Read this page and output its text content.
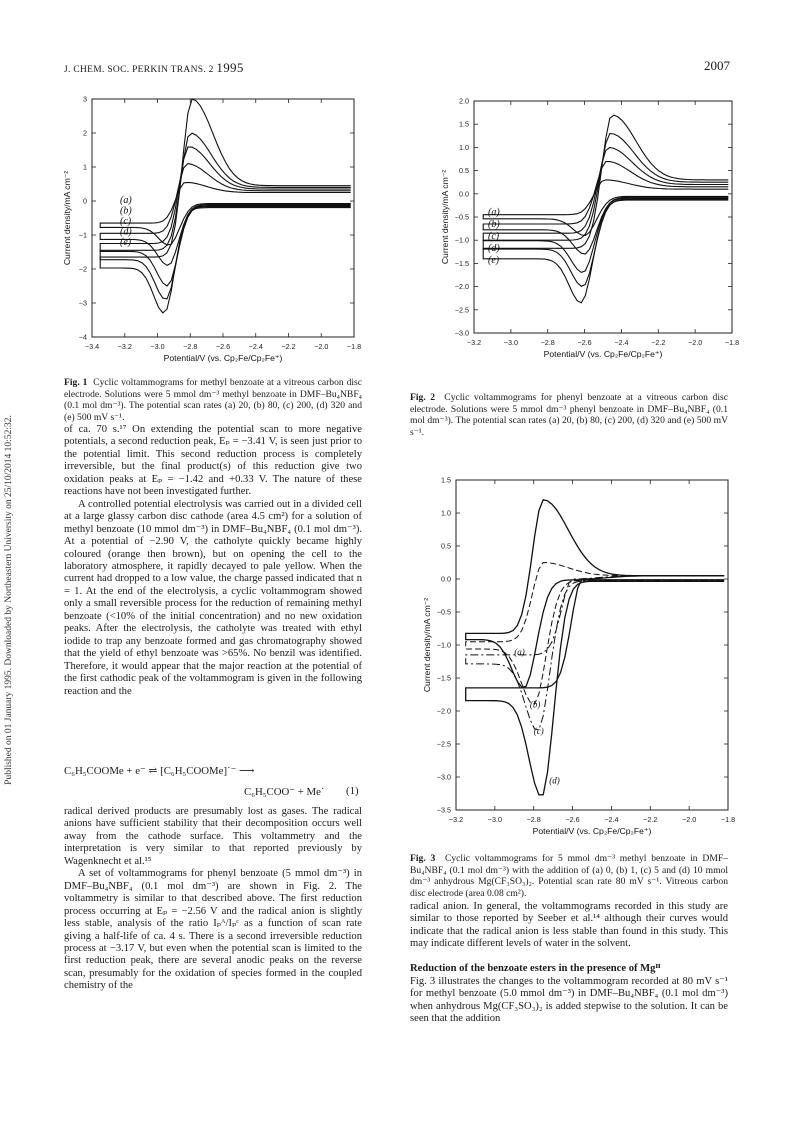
J. CHEM. SOC. PERKIN TRANS. 2 1995	2007
Published on 01 January 1995. Downloaded by Northeastern University on 25/10/2014 10:52:32.
−3.4	−3.2	−3.0	−2.8	−2.6	−2.4	−2.2	−2.0	−1.8
3
2
1
0
−1
−2
−3
−4
Potential/V (vs. Cp₂Fe/Cp₂Fe⁺)
Current density/mA cm⁻²	(a)
(b)
(c)
(d)
(e)
Fig. 1 Cyclic voltammograms for methyl benzoate at a vitreous carbon disc electrode. Solutions were 5 mmol dm⁻³ methyl benzoate in DMF–Bu₄NBF₄ (0.1 mol dm⁻³). The potential scan rates (a) 20, (b) 80, (c) 200, (d) 320 and (e) 500 mV s⁻¹.
−3.2	−3.0	−2.8	−2.6	−2.4	−2.2	−2.0	−1.8
2.0
1.5
1.0
0.5
0.0
−0.5
−1.0
−1.5
−2.0
−2.5
−3.0
Potential/V (vs. Cp₂Fe/Cp₂Fe⁺)
Current density/mA cm⁻²	(a)
(b)
(c)
(d)
(e)
Fig. 2 Cyclic voltammograms for phenyl benzoate at a vitreous carbon disc electrode. Solutions were 5 mmol dm⁻³ phenyl benzoate in DMF–Bu₄NBF₄ (0.1 mol dm⁻³). The potential scan rates (a) 20, (b) 80, (c) 200, (d) 320 and (e) 500 mV s⁻¹.
−3.2	−3.0	−2.8	−2.6	−2.4	−2.2	−2.0	−1.8
1.5
1.0
0.5
0.0
−0.5
−1.0
−1.5
−2.0
−2.5
−3.0
−3.5
Potential/V (vs. Cp₂Fe/Cp₂Fe⁺)
Current density/mA cm⁻²	(a)
(b)
(c)
(d)
Fig. 3 Cyclic voltammograms for 5 mmol dm⁻³ methyl benzoate in DMF–Bu₄NBF₄ (0.1 mol dm⁻³) with the addition of (a) 0, (b) 1, (c) 5 and (d) 10 mmol dm⁻³ anhydrous Mg(CF₃SO₃)₂. Potential scan rate 80 mV s⁻¹. Vitreous carbon disc electrode (area 0.08 cm²).

of ca. 70 s.¹⁷ On extending the potential scan to more negative potentials, a second reduction peak, Eₚ = −3.41 V, is seen just prior to the potential limit. This second reduction process is completely irreversible, but the final product(s) of this reduction give two oxidation peaks at Eₚ = −1.42 and +0.33 V. The nature of these reactions have not been investigated further.

A controlled potential electrolysis was carried out in a divided cell at a large glassy carbon disc cathode (area 4.5 cm²) for a solution of methyl benzoate (10 mmol dm⁻³) in DMF–Bu₄NBF₄ (0.1 mol dm⁻³). At a potential of −2.90 V, the catholyte quickly became highly coloured (orange then brown), but on opening the cell to the laboratory atmosphere, it rapidly decayed to pale yellow. When the current had dropped to a low value, the charge passed indicated that n = 1. At the end of the electrolysis, a cyclic voltammogram showed only a small reversible process for the reduction of remaining methyl benzoate (<10% of the initial concentration) and no new oxidation peaks. After the electrolysis, the catholyte was treated with ethyl iodide to trap any benzoate formed and gas chromatography showed that the yield of ethyl benzoate was >65%. No benzil was identified. Therefore, it would appear that the major reaction at the potential of the first cathodic peak of the voltammogram is given in the following reaction and the

C₆H₅COOMe + e⁻ ⇌ [C₆H₅COOMe]˙⁻ ⟶
C₆H₅COO⁻ + Me˙ (1)

radical derived products are presumably lost as gases. The radical anions have sufficient stability that their decomposition occurs well away from the cathode surface. This voltammetry and the interpretation is very similar to that reported previously by Wagenknecht et al.¹⁵

A set of voltammograms for phenyl benzoate (5 mmol dm⁻³) in DMF–Bu₄NBF₄ (0.1 mol dm⁻³) are shown in Fig. 2. The voltammetry is similar to that described above. The first reduction process occurring at Eₚ = −2.56 V and the radical anion is slightly less stable, analysis of the ratio Iₚᴬ/Iₚᶜ as a function of scan rate giving a half-life of ca. 4 s. There is a second irreversible reduction process at −3.17 V, but even when the potential scan is limited to the first reduction peak, there are several anodic peaks on the reverse scan, presumably for the oxidation of species formed in the coupled chemistry of the

radical anion. In general, the voltammograms recorded in this study are similar to those reported by Seeber et al.¹⁴ although their curves would indicate that the radical anion is less stable than found in this study. This may indicate different levels of water in the solvent.

Reduction of the benzoate esters in the presence of Mgᴵᴵ

Fig. 3 illustrates the changes to the voltammogram recorded at 80 mV s⁻¹ for methyl benzoate (5.0 mmol dm⁻³) in DMF–Bu₄NBF₄ (0.1 mol dm⁻³) when anhydrous Mg(CF₃SO₃)₂ is added stepwise to the solution. It can be seen that the addition
